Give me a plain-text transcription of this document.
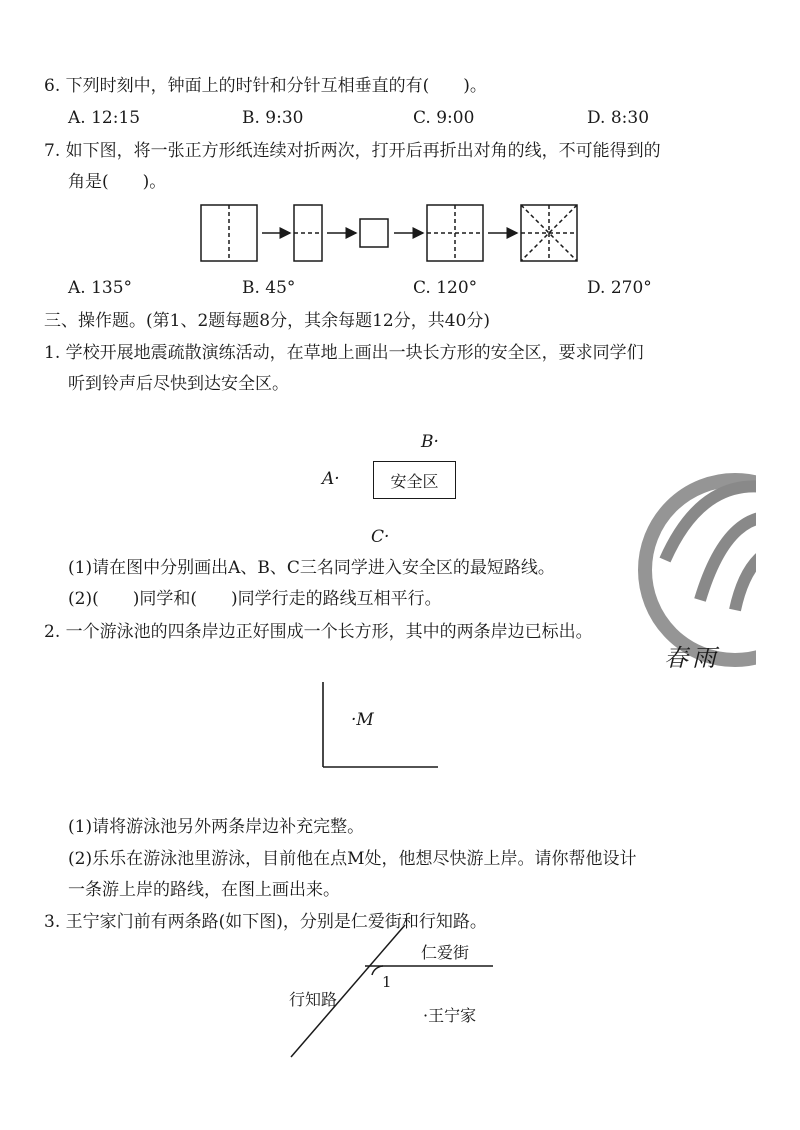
6. 下列时刻中，钟面上的时针和分针互相垂直的有(　　)。
A. 12:15	B. 9:30	C. 9:00	D. 8:30
7. 如下图，将一张正方形纸连续对折两次，打开后再折出对角的线，不可能得到的
角是(　　)。
A. 135°	B. 45°	C. 120°	D. 270°
三、操作题。(第1、2题每题8分，其余每题12分，共40分)
1. 学校开展地震疏散演练活动，在草地上画出一块长方形的安全区，要求同学们
听到铃声后尽快到达安全区。
B·
A·	安全区
C·
(1)请在图中分别画出A、B、C三名同学进入安全区的最短路线。
(2)(　　)同学和(　　)同学行走的路线互相平行。
2. 一个游泳池的四条岸边正好围成一个长方形，其中的两条岸边已标出。
·M
(1)请将游泳池另外两条岸边补充完整。
(2)乐乐在游泳池里游泳，目前他在点M处，他想尽快游上岸。请你帮他设计
一条游上岸的路线，在图上画出来。
3. 王宁家门前有两条路(如下图)，分别是仁爱街和行知路。
仁爱街
行知路
1
·王宁家
春雨
